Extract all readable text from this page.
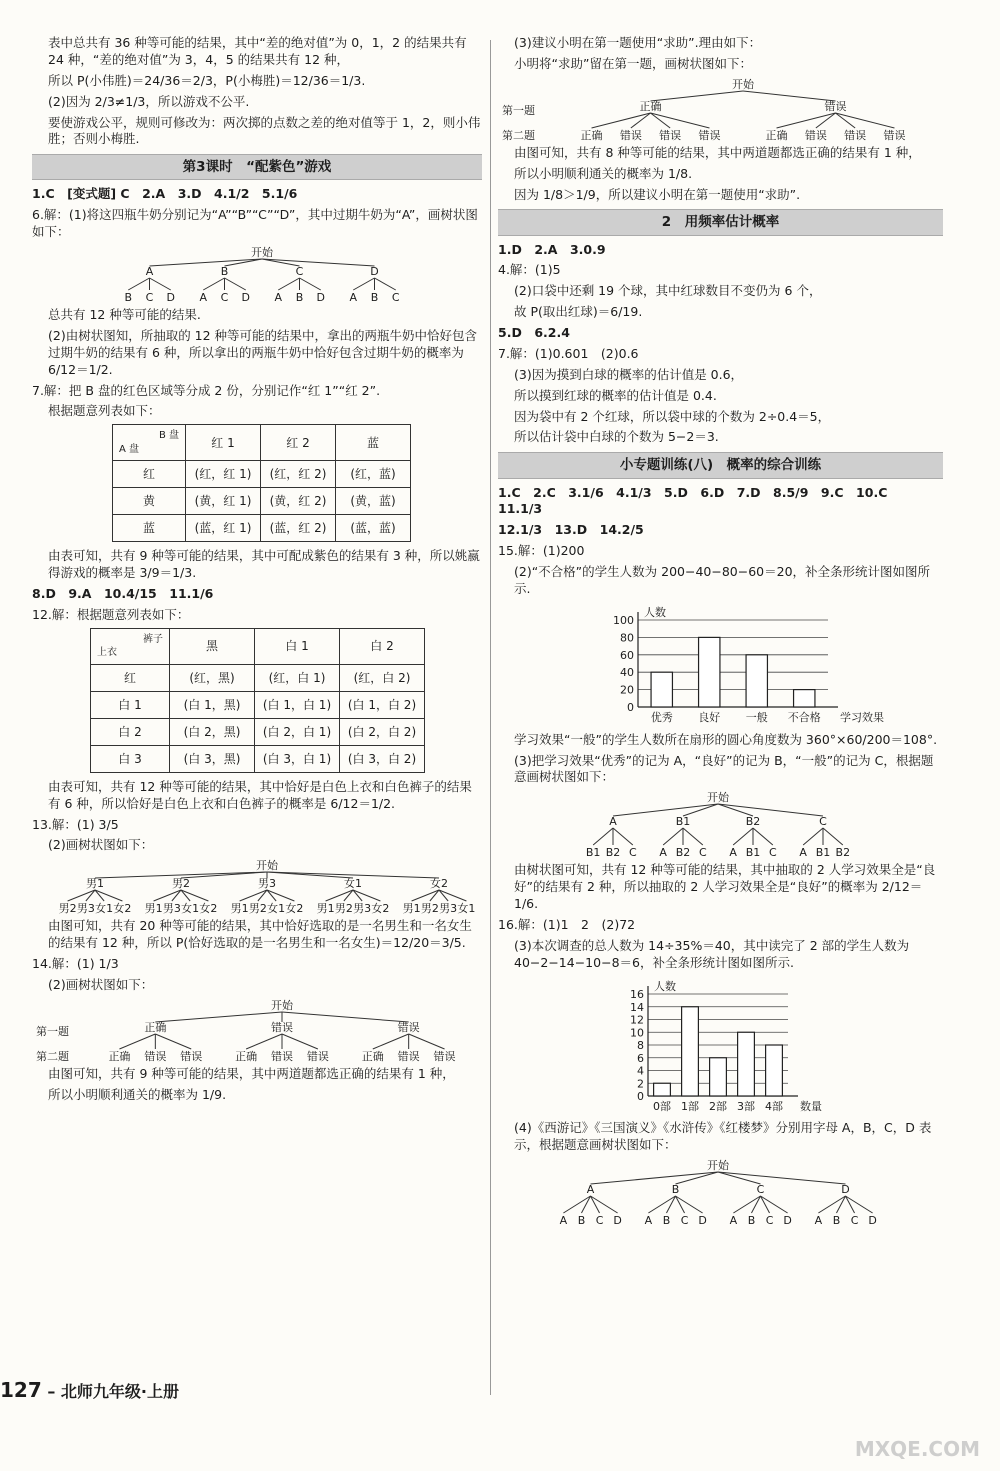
表中总共有 36 种等可能的结果，其中“差的绝对值”为 0，1，2 的结果共有 24 种，“差的绝对值”为 3，4，5 的结果共有 12 种，

所以 P(小伟胜)＝24/36＝2/3，P(小梅胜)＝12/36＝1/3.

(2)因为 2/3≠1/3，所以游戏不公平.

要使游戏公平，规则可修改为：两次掷的点数之差的绝对值等于 1，2，则小伟胜；否则小梅胜.

第3课时　“配紫色”游戏

1.C　[变式题] C　2.A　3.D　4.1/2　5.1/6

6.解：(1)将这四瓶牛奶分别记为“A”“B”“C”“D”，其中过期牛奶为“A”，画树状图如下：

开始
A
B C D
B
A C D
C
A B D
D
A B C

总共有 12 种等可能的结果.

(2)由树状图知，所抽取的 12 种等可能的结果中，拿出的两瓶牛奶中恰好包含过期牛奶的结果有 6 种，所以拿出的两瓶牛奶中恰好包含过期牛奶的概率为 6/12＝1/2.

7.解：把 B 盘的红色区域等分成 2 份，分别记作“红 1”“红 2”.

根据题意列表如下：

B 盘
A 盘	红 1	红 2	蓝
红	(红，红 1)	(红，红 2)	(红，蓝)
黄	(黄，红 1)	(黄，红 2)	(黄，蓝)
蓝	(蓝，红 1)	(蓝，红 2)	(蓝，蓝)

由表可知，共有 9 种等可能的结果，其中可配成紫色的结果有 3 种，所以姚嬴得游戏的概率是 3/9＝1/3.

8.D　9.A　10.4/15　11.1/6

12.解：根据题意列表如下：

裤子
上衣	黑	白 1	白 2
红	(红，黑)	(红，白 1)	(红，白 2)
白 1	(白 1，黑)	(白 1，白 1)	(白 1，白 2)
白 2	(白 2，黑)	(白 2，白 1)	(白 2，白 2)
白 3	(白 3，黑)	(白 3，白 1)	(白 3，白 2)

由表可知，共有 12 种等可能的结果，其中恰好是白色上衣和白色裤子的结果有 6 种，所以恰好是白色上衣和白色裤子的概率是 6/12＝1/2.

13.解：(1) 3/5

(2)画树状图如下：

开始
男1
男2 男3 女1 女2
男2
男1 男3 女1 女2
男3
男1 男2 女1 女2
女1
男1 男2 男3 女2
女2
男1 男2 男3 女1

由图可知，共有 20 种等可能的结果，其中恰好选取的是一名男生和一名女生的结果有 12 种，所以 P(恰好选取的是一名男生和一名女生)＝12/20＝3/5.

14.解：(1) 1/3

(2)画树状图如下：

开始
第一题
第二题
正确
正确 错误 错误
错误
正确 错误 错误
错误
正确 错误 错误

由图可知，共有 9 种等可能的结果，其中两道题都选正确的结果有 1 种，

所以小明顺利通关的概率为 1/9.

(3)建议小明在第一题使用“求助”.理由如下：

小明将“求助”留在第一题，画树状图如下：

开始
第一题
第二题
正确
正确 错误 错误 错误
错误
正确 错误 错误 错误

由图可知，共有 8 种等可能的结果，其中两道题都选正确的结果有 1 种，

所以小明顺利通关的概率为 1/8.

因为 1/8＞1/9，所以建议小明在第一题使用“求助”.

2　用频率估计概率

1.D　2.A　3.0.9

4.解：(1)5

(2)口袋中还剩 19 个球，其中红球数目不变仍为 6 个，

故 P(取出红球)＝6/19.

5.D　6.2.4

7.解：(1)0.601　(2)0.6

(3)因为摸到白球的概率的估计值是 0.6，

所以摸到红球的概率的估计值是 0.4.

因为袋中有 2 个红球，所以袋中球的个数为 2÷0.4＝5，

所以估计袋中白球的个数为 5−2＝3.

小专题训练(八)　概率的综合训练

1.C　2.C　3.1/6　4.1/3　5.D　6.D　7.D　8.5/9　9.C　10.C　11.1/3

12.1/3　13.D　14.2/5

15.解：(1)200

(2)“不合格”的学生人数为 200−40−80−60＝20，补全条形统计图如图所示.

0
20
40
60
80
100
人数
学习效果
优秀 良好 一般 不合格

学习效果“一般”的学生人数所在扇形的圆心角度数为 360°×60/200＝108°.

(3)把学习效果“优秀”的记为 A，“良好”的记为 B，“一般”的记为 C，根据题意画树状图如下：

开始
A
B1 B2 C
B1
A B2 C
B2
A B1 C
C
A B1 B2

由树状图可知，共有 12 种等可能的结果，其中抽取的 2 人学习效果全是“良好”的结果有 2 种，所以抽取的 2 人学习效果全是“良好”的概率为 2/12＝1/6.

16.解：(1)1　2　(2)72

(3)本次调查的总人数为 14÷35%＝40，其中读完了 2 部的学生人数为 40−2−14−10−8＝6，补全条形统计图如图所示.

0
2
4
6
8
10
12
14
16
人数
数量
0部 1部 2部 3部 4部

(4)《西游记》《三国演义》《水浒传》《红楼梦》分别用字母 A，B，C，D 表示，根据题意画树状图如下：

开始
A
A B C D
B
A B C D
C
A B C D
D
A B C D
127 – 北师九年级·上册
MXQE.COM
